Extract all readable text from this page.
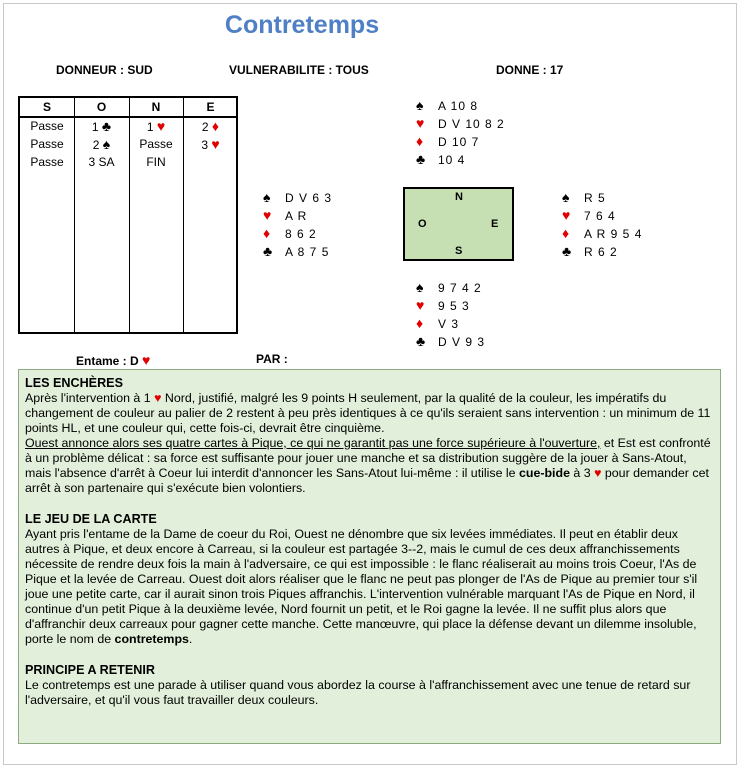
Contretemps
DONNEUR : SUD	VULNERABILITE : TOUS	DONNE : 17
S	O	N	E
Passe	1 ♣	1 ♥	2 ♦
Passe	2 ♠	Passe	3 ♥
Passe	3 SA	FIN
♠ A 10 8
♥ D V 10 8 2
♦ D 10 7
♣ 10 4
♠ D V 6 3
♥ A R
♦ 8 6 2
♣ A 8 7 5
N
O	E
S
♠ R 5
♥ 7 6 4
♦ A R 9 5 4
♣ R 6 2
♠ 9 7 4 2
♥ 9 5 3
♦ V 3
♣ D V 9 3
Entame : D ♥	PAR :
LES ENCHÈRES

Après l'intervention à 1 ♥ Nord, justifié, malgré les 9 points H seulement, par la qualité de la couleur, les impératifs du changement de couleur au palier de 2 restent à peu près identiques à ce qu'ils seraient sans intervention : un minimum de 11 points HL, et une couleur qui, cette fois-ci, devrait être cinquième.

Ouest annonce alors ses quatre cartes à Pique, ce qui ne garantit pas une force supérieure à l'ouverture, et Est est confronté à un problème délicat : sa force est suffisante pour jouer une manche et sa distribution suggère de la jouer à Sans-Atout, mais l'absence d'arrêt à Coeur lui interdit d'annoncer les Sans-Atout lui-même : il utilise le cue-bide à 3 ♥ pour demander cet arrêt à son partenaire qui s'exécute bien volontiers.

LE JEU DE LA CARTE

Ayant pris l'entame de la Dame de coeur du Roi, Ouest ne dénombre que six levées immédiates. Il peut en établir deux autres à Pique, et deux encore à Carreau, si la couleur est partagée 3--2, mais le cumul de ces deux affranchissements nécessite de rendre deux fois la main à l'adversaire, ce qui est impossible : le flanc réaliserait au moins trois Coeur, l'As de Pique et la levée de Carreau. Ouest doit alors réaliser que le flanc ne peut pas plonger de l'As de Pique au premier tour s'il joue une petite carte, car il aurait sinon trois Piques affranchis. L'intervention vulnérable marquant l'As de Pique en Nord, il continue d'un petit Pique à la deuxième levée, Nord fournit un petit, et le Roi gagne la levée. Il ne suffit plus alors que d'affranchir deux carreaux pour gagner cette manche. Cette manœuvre, qui place la défense devant un dilemme insoluble, porte le nom de contretemps.

PRINCIPE A RETENIR

Le contretemps est une parade à utiliser quand vous abordez la course à l'affranchissement avec une tenue de retard sur l'adversaire, et qu'il vous faut travailler deux couleurs.
